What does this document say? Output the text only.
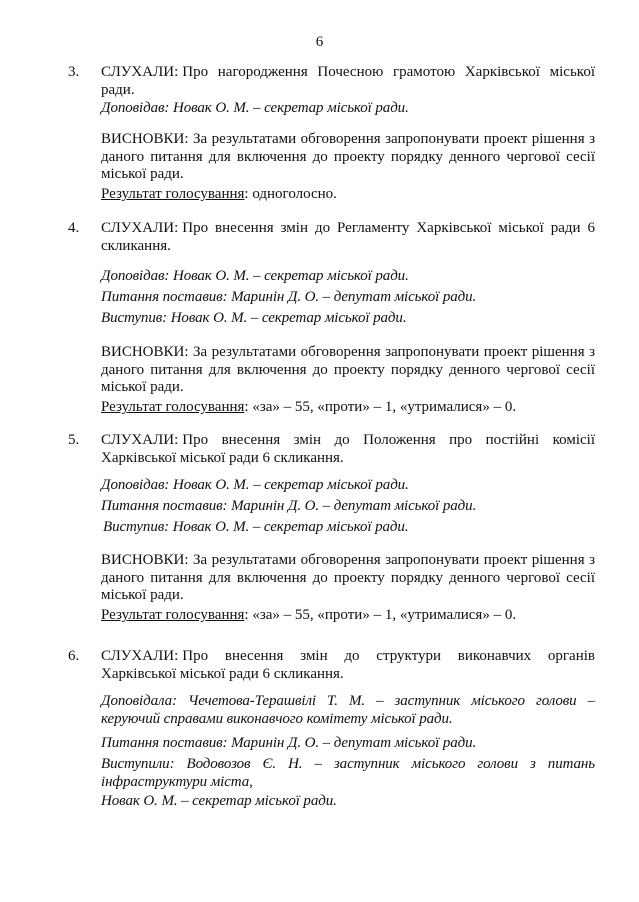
6
3.	СЛУХАЛИ: Про нагородження Почесною грамотою Харківської міської ради.

Доповідав: Новак О. М. – секретар міської ради.

ВИСНОВКИ: За результатами обговорення запропонувати проект рішення з даного питання для включення до проекту порядку денного чергової сесії міської ради.

Результат голосування: одноголосно.

4.	СЛУХАЛИ: Про внесення змін до Регламенту Харківської міської ради 6 скликання.

Доповідав: Новак О. М. – секретар міської ради.

Питання поставив: Маринін Д. О. – депутат міської ради.

Виступив: Новак О. М. – секретар міської ради.

ВИСНОВКИ: За результатами обговорення запропонувати проект рішення з даного питання для включення до проекту порядку денного чергової сесії міської ради.

Результат голосування: «за» – 55, «проти» – 1, «утрималися» – 0.

5.	СЛУХАЛИ: Про внесення змін до Положення про постійні комісії Харківської міської ради 6 скликання.

Доповідав: Новак О. М. – секретар міської ради.

Питання поставив: Маринін Д. О. – депутат міської ради.

Виступив: Новак О. М. – секретар міської ради.

ВИСНОВКИ: За результатами обговорення запропонувати проект рішення з даного питання для включення до проекту порядку денного чергової сесії міської ради.

Результат голосування: «за» – 55, «проти» – 1, «утрималися» – 0.

6.	СЛУХАЛИ: Про внесення змін до структури виконавчих органів Харківської міської ради 6 скликання.

Доповідала: Чечетова-Терашвілі Т. М. – заступник міського голови – керуючий справами виконавчого комітету міської ради.

Питання поставив: Маринін Д. О. – депутат міської ради.

Виступили: Водовозов Є. Н. – заступник міського голови з питань інфраструктури міста,

Новак О. М. – секретар міської ради.
